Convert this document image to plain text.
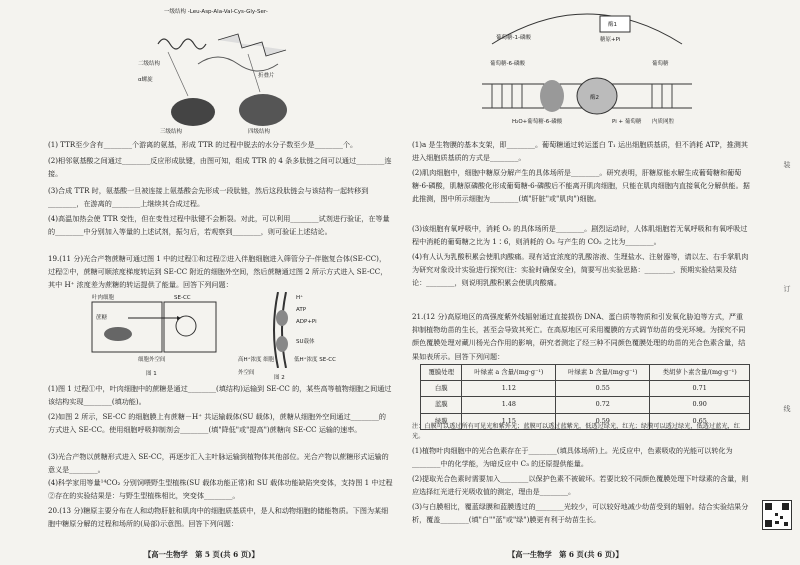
一级结构 -Leu-Asp-Ala-Val-Cys-Gly-Ser-
二级结构
α螺旋
折叠片
三级结构	四级结构
(1) TTR至少含有________个游离的氨基，形成 TTR 的过程中脱去的水分子数至少是________个。
(2)相邻氨基酸之间通过________反应形成肽键，由图可知，组成 TTR 的 4 条多肽链之间可以通过________连接。
(3)合成 TTR 时，氨基酸一旦被连接上氨基酸会先形成一段肽链，然后这段肽链会与该结构一起转移到________，在游离的________上继续其合成过程。
(4)高温加热会使 TTR 变性，但在变性过程中肽键不会断裂。对此，可以利用________试剂进行验证，在等量的________中分别加入等量的上述试剂，振匀后，若观察到________，则可验证上述结论。
19.(11 分)光合产物蔗糖可通过图 1 中的过程①和过程②进入伴胞细胞进入筛管分子-伴胞复合体(SE-CC)，过程②中，蔗糖可顺浓度梯度转运到 SE-CC 附近的细胞外空间，然后蔗糖通过图 2 所示方式进入 SE-CC，其中 H⁺ 浓度差为蔗糖的转运提供了能量。回答下列问题：
叶肉细胞	SE-CC
蔗糖
细胞外空间
图 1
H⁺
ATP
ADP+Pi
SU载体
高H⁺浓度 细胞外空间
低H⁺浓度 SE-CC
图 2
(1)图 1 过程①中，叶肉细胞中的蔗糖是通过________(填结构)运输到 SE-CC 的，某些高等植物细胞之间通过该结构实现________(填功能)。
(2)如图 2 所示，SE-CC 的细胞膜上有蔗糖－H⁺ 共运输载体(SU 载体)，蔗糖从细胞外空间通过________的方式进入 SE-CC。使用细胞呼吸抑制剂会________(填"降低"或"提高")蔗糖向 SE-CC 运输的速率。
(3)光合产物以蔗糖形式进入 SE-CC，再逐步汇入主叶脉运输到植物体其他部位。光合产物以蔗糖形式运输的意义是________。
(4)科学家用等量¹⁴CO₂ 分别饲喂野生型植株(SU 载体功能正常)和 SU 载体功能缺陷突变体，支持图 1 中过程②存在的实验结果是：与野生型植株相比，突变体________。
20.(13 分)糖原主要分布在人和动物肝脏和肌肉中的细胞质基质中，是人和动物细胞的储能物质。下图为某细胞中糖原分解的过程和场所的(局部)示意图。回答下列问题：
【高一生物学　第 5 页(共 6 页)】
葡萄糖-1-磷酸
葡萄糖-6-磷酸	葡萄糖
酶1
酶2
糖原+Pi
H₂O+葡萄糖-6-磷酸	Pi + 葡萄糖 内质网腔
(1)a 是生物膜的基本支架，即________。葡萄糖通过转运蛋白 T₁ 运出细胞质基质，但不消耗 ATP，推测其进入细胞质基质的方式是________。
(2)肌肉细胞中，细胞中糖原分解产生的具体场所是________。研究表明，肝糖原能水解生成葡萄糖和葡萄糖-6-磷酸，肌糖原磷酸化形成葡萄糖-6-磷酸后不能离开肌肉细胞，只能在肌肉细胞内直接氧化分解供能。据此推测，图中所示细胞为________(填"肝脏"或"肌肉")细胞。
(3)该细胞有氧呼吸中，消耗 O₂ 的具体场所是________。剧烈运动时，人体肌细胞若无氧呼吸和有氧呼吸过程中消耗的葡萄糖之比为 1∶6，则消耗的 O₂ 与产生的 CO₂ 之比为________。
(4)有人认为乳酸积累会使肌肉酸痛。现有适宜浓度的乳酸溶液、生理盐水、注射器等，请以左、右手掌肌肉为研究对象设计实验进行探究(注：实验时确保安全)，简要写出实验思路：________，预期实验结果及结论：________，则说明乳酸积累会使肌肉酸痛。
21.(12 分)高原地区的高强度紫外线辐射通过直接损伤 DNA、蛋白质等物质和引发氧化胁迫等方式，严重抑制植物幼苗的生长，甚至会导致其死亡。在高原地区可采用覆膜的方式调节幼苗的受光环境。为探究不同颜色覆膜处理对藏川杨光合作用的影响，研究者测定了经三种不同颜色覆膜处理的幼苗的光合色素含量，结果如表所示。回答下列问题：
覆膜处理	叶绿素 a 含量/(mg·g⁻¹)	叶绿素 b 含量/(mg·g⁻¹)	类胡萝卜素含量/(mg·g⁻¹)
白膜	1.12	0.55	0.71
蓝膜	1.48	0.72	0.90
绿膜	1.15	0.59	0.65
注：白膜可以透过所有可见光和紫外光；蓝膜可以透过蓝紫光，低透过绿光，红光；绿膜可以透过绿光，低透过蓝光，红光。
(1)植物叶肉细胞中的光合色素存在于________(填具体场所)上。光反应中，色素吸收的光能可以转化为________中的化学能，为暗反应中 C₃ 的还原提供能量。
(2)提取光合色素时需要加入________以保护色素不被破坏。若要比较不同颜色覆膜处理下叶绿素的含量，则应选择红光进行光吸收值的测定，理由是________。
(3)与白膜相比，覆蓝绿膜和蓝膜透过的________光较少，可以较好地减少幼苗受到的辐射。结合实验结果分析，覆盖________(填"白""蓝"或"绿")膜更有利于幼苗生长。
【高一生物学　第 6 页(共 6 页)】
装
订
线
